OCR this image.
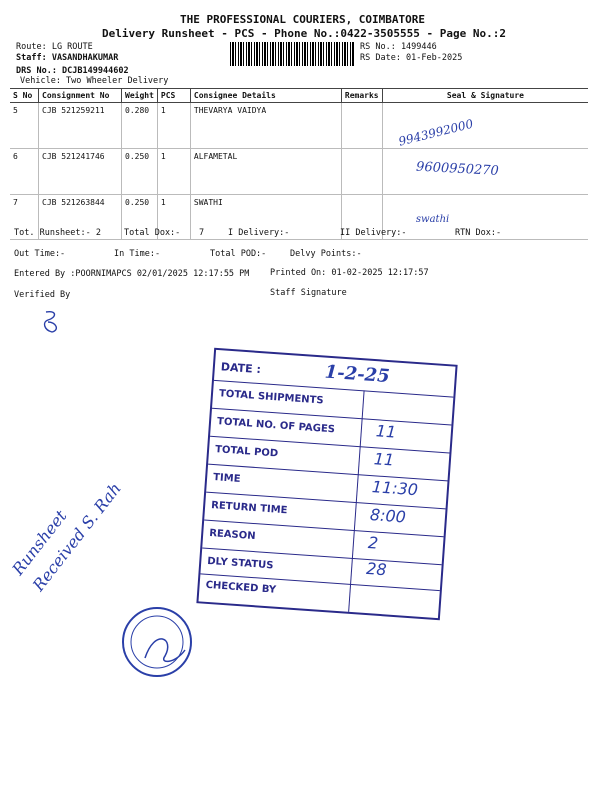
THE PROFESSIONAL COURIERS, COIMBATORE
Delivery Runsheet - PCS - Phone No.:0422-3505555 - Page No.:2
Route: LG ROUTE
Staff: VASANDHAKUMAR
DRS No.: DCJB149944602
Vehicle: Two Wheeler Delivery
RS No.: 1499446
RS Date: 01-Feb-2025
S No	Consignment No	Weight	PCS	Consignee Details	Remarks	Seal & Signature
5	CJB 521259211	0.280	1	THEVARYA VAIDYA		9943992000

6	CJB 521241746	0.250	1	ALFAMETAL		9600950270

7	CJB 521263844	0.250	1	SWATHI		swathi
Tot. Runsheet:- 2	Total Dox:- 7	I Delivery:-	II Delivery:-	RTN Dox:-
Out Time:-	In Time:-	Total POD:-	Delvy Points:-
Entered By :POORNIMAPCS 02/01/2025 12:17:55 PM Printed On: 01-02-2025 12:17:57
Verified By	Staff Signature
DATE :	1-2-25
TOTAL SHIPMENTS
TOTAL NO. OF PAGES 11
TOTAL POD	11
TIME	11:30
RETURN TIME	8:00
REASON	2
DLY STATUS	28
CHECKED BY
Runsheet Received S. Rah
